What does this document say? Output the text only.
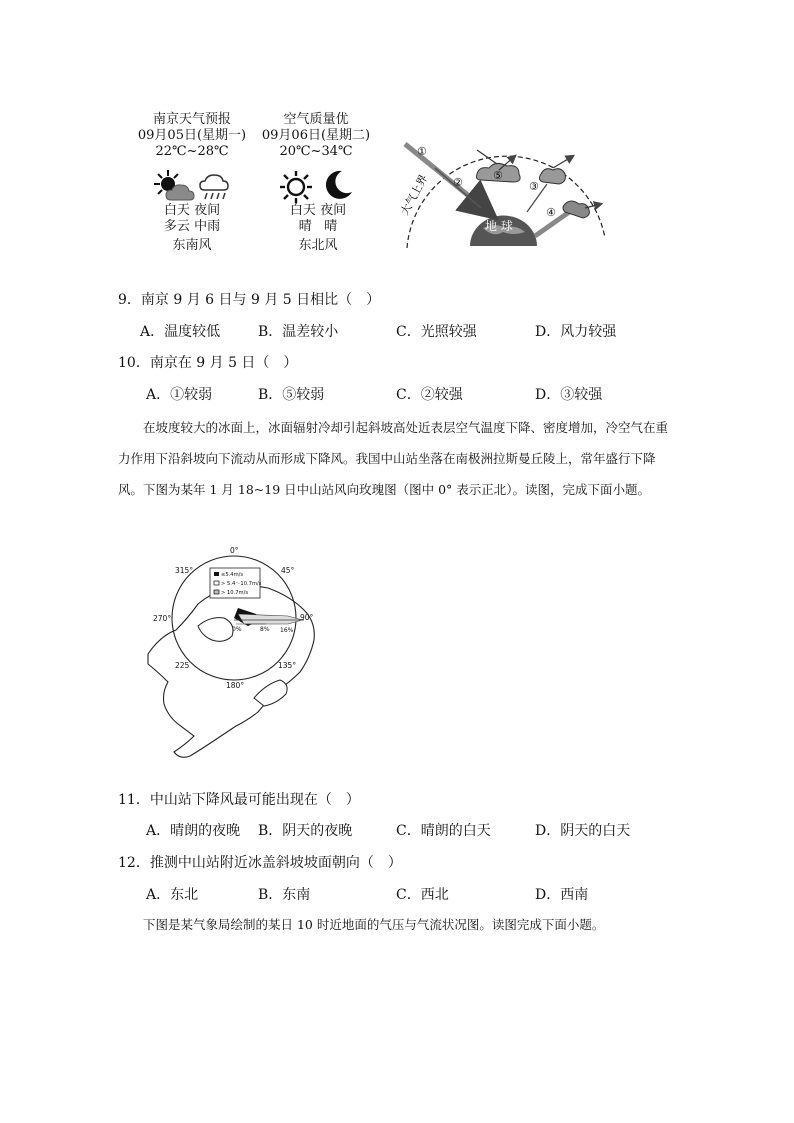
南京天气预报
09月05日(星期一)
22℃~28℃
空气质量优
09月06日(星期二)
20℃~34℃
白天 夜间
多云 中雨
东南风
白天 夜间
晴 晴
东北风
地 球
大气上界
①
②	③
④
⑤
9．南京 9 月 6 日与 9 月 5 日相比（　）
A．温度较低	B．温差较小	C．光照较强	D．风力较强
10．南京在 9 月 5 日（　）
A．①较弱	B．⑤较弱	C．②较强	D．③较强

在坡度较大的冰面上，冰面辐射冷却引起斜坡高处近表层空气温度下降、密度增加，冷空气在重力作用下沿斜坡向下流动从而形成下降风。我国中山站坐落在南极洲拉斯曼丘陵上，常年盛行下降风。下图为某年 1 月 18~19 日中山站风向玫瑰图（图中 0° 表示正北）。读图，完成下面小题。

≤5.4m/s
> 5.4～10.7m/s
> 10.7m/s
0°
45°
90°
135°
180°
225
270°
315°
0%	8% 16%
11．中山站下降风最可能出现在（　）
A．晴朗的夜晚 B．阴天的夜晚	C．晴朗的白天	D．阴天的白天
12．推测中山站附近冰盖斜坡坡面朝向（　）
A．东北	B．东南	C．西北	D．西南

下图是某气象局绘制的某日 10 时近地面的气压与气流状况图。读图完成下面小题。
